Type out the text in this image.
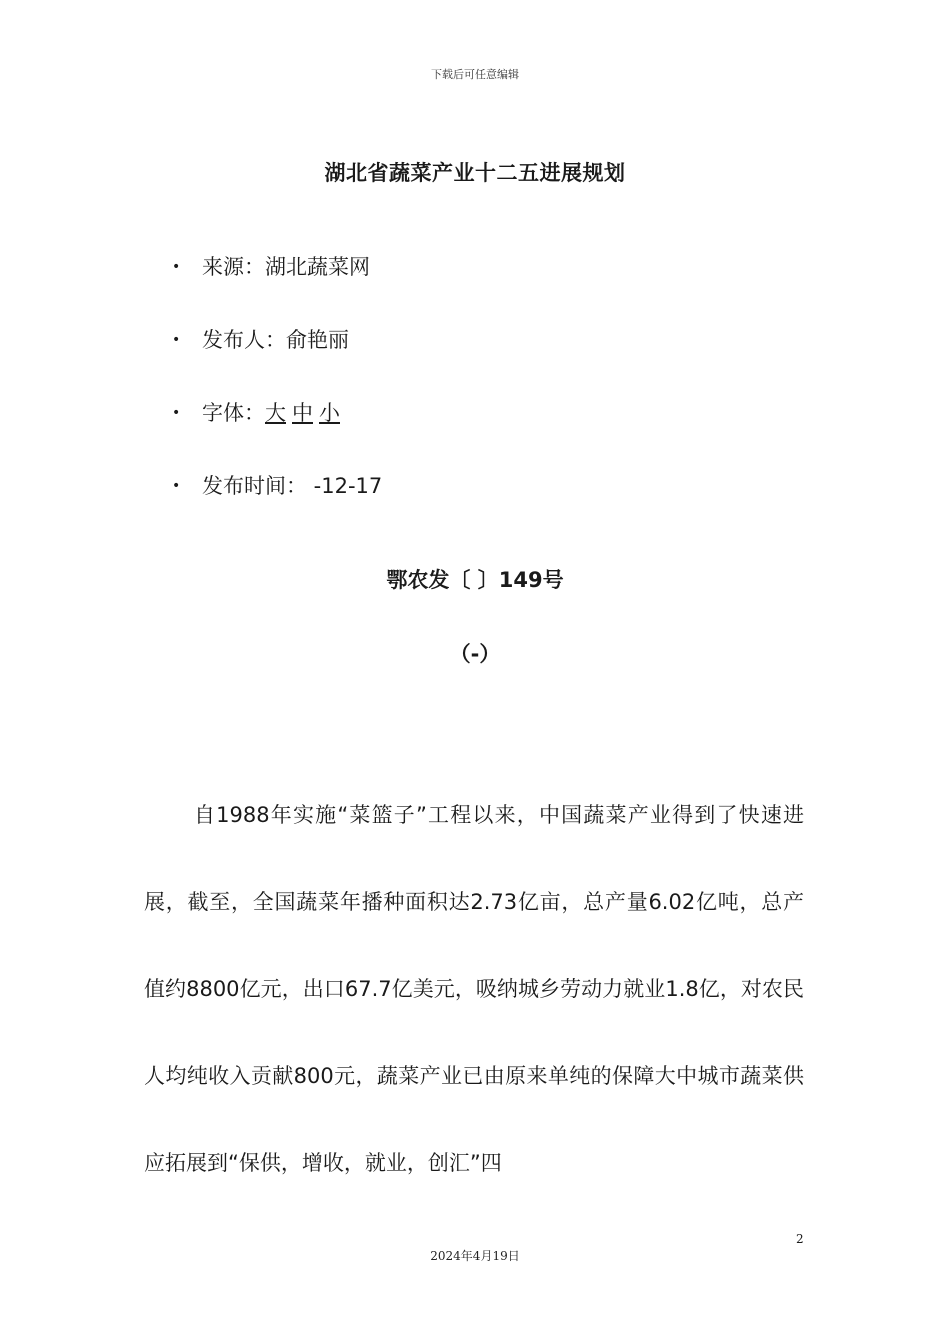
下载后可任意编辑
湖北省蔬菜产业十二五进展规划
•	来源： 湖北蔬菜网
•	发布人： 俞艳丽
•	字体： 大 中 小
•	发布时间： -12-17
鄂农发〔 〕149号
（-）

自1988年实施“菜篮子”工程以来，中国蔬菜产业得到了快速进展，截至，全国蔬菜年播种面积达2.73亿亩，总产量6.02亿吨，总产值约8800亿元，出口67.7亿美元，吸纳城乡劳动力就业1.8亿，对农民人均纯收入贡献800元，蔬菜产业已由原来单纯的保障大中城市蔬菜供应拓展到“保供，增收，就业，创汇”四

2
2024年4月19日
